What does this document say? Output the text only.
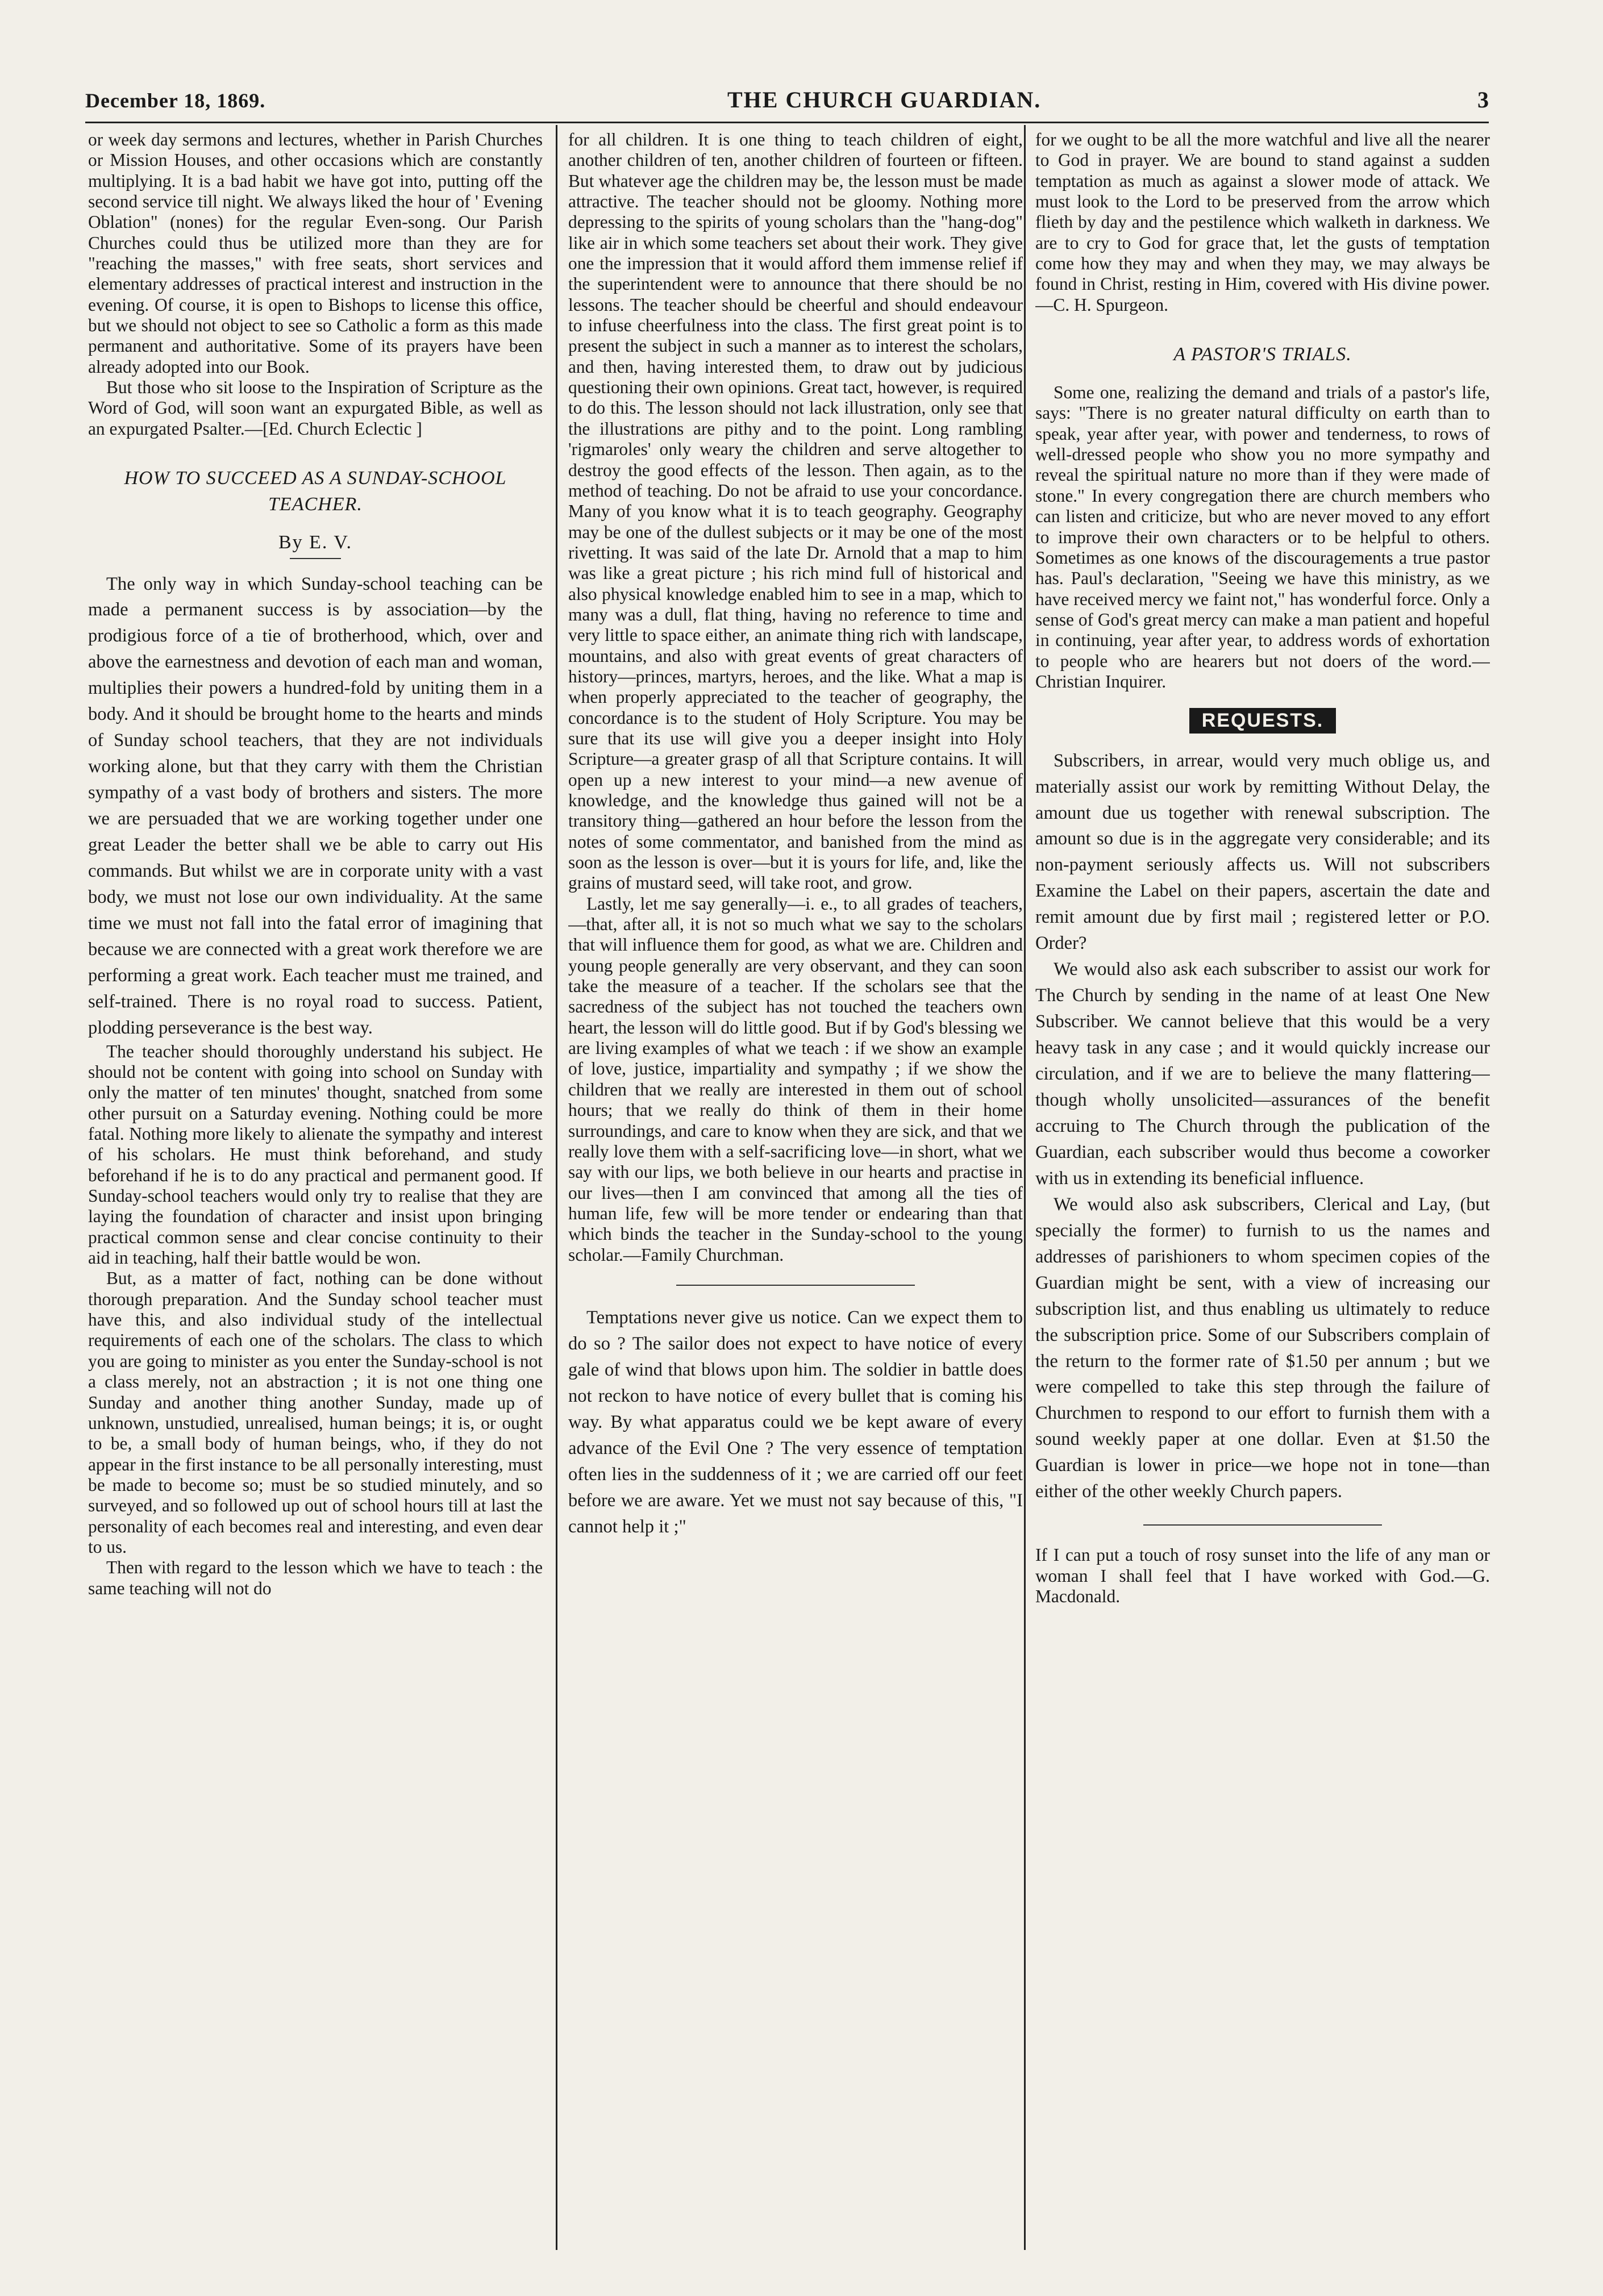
December 18, 1869.	THE CHURCH GUARDIAN.	3

or week day sermons and lectures, whether in Parish Churches or Mission Houses, and other occasions which are constantly multiplying. It is a bad habit we have got into, putting off the second service till night. We always liked the hour of ' Evening Oblation" (nones) for the regular Even-song. Our Parish Churches could thus be utilized more than they are for "reaching the masses," with free seats, short services and elementary addresses of practical interest and instruction in the evening. Of course, it is open to Bishops to license this office, but we should not object to see so Catholic a form as this made permanent and authoritative. Some of its prayers have been already adopted into our Book.

But those who sit loose to the Inspiration of Scripture as the Word of God, will soon want an expurgated Bible, as well as an expurgated Psalter.—[Ed. Church Eclectic ]

HOW TO SUCCEED AS A SUNDAY-SCHOOL TEACHER.
By E. V.

The only way in which Sunday-school teaching can be made a permanent success is by association—by the prodigious force of a tie of brotherhood, which, over and above the earnestness and devotion of each man and woman, multiplies their powers a hundred-fold by uniting them in a body. And it should be brought home to the hearts and minds of Sunday school teachers, that they are not individuals working alone, but that they carry with them the Christian sympathy of a vast body of brothers and sisters. The more we are persuaded that we are working together under one great Leader the better shall we be able to carry out His commands. But whilst we are in corporate unity with a vast body, we must not lose our own individuality. At the same time we must not fall into the fatal error of imagining that because we are connected with a great work therefore we are performing a great work. Each teacher must me trained, and self-trained. There is no royal road to success. Patient, plodding perseverance is the best way.

The teacher should thoroughly understand his subject. He should not be content with going into school on Sunday with only the matter of ten minutes' thought, snatched from some other pursuit on a Saturday evening. Nothing could be more fatal. Nothing more likely to alienate the sympathy and interest of his scholars. He must think beforehand, and study beforehand if he is to do any practical and permanent good. If Sunday-school teachers would only try to realise that they are laying the foundation of character and insist upon bringing practical common sense and clear concise continuity to their aid in teaching, half their battle would be won.

But, as a matter of fact, nothing can be done without thorough preparation. And the Sunday school teacher must have this, and also individual study of the intellectual requirements of each one of the scholars. The class to which you are going to minister as you enter the Sunday-school is not a class merely, not an abstraction ; it is not one thing one Sunday and another thing another Sunday, made up of unknown, unstudied, unrealised, human beings; it is, or ought to be, a small body of human beings, who, if they do not appear in the first instance to be all personally interesting, must be made to become so; must be so studied minutely, and so surveyed, and so followed up out of school hours till at last the personality of each becomes real and interesting, and even dear to us.

Then with regard to the lesson which we have to teach : the same teaching will not do

for all children. It is one thing to teach children of eight, another children of ten, another children of fourteen or fifteen. But whatever age the children may be, the lesson must be made attractive. The teacher should not be gloomy. Nothing more depressing to the spirits of young scholars than the "hang-dog" like air in which some teachers set about their work. They give one the impression that it would afford them immense relief if the superintendent were to announce that there should be no lessons. The teacher should be cheerful and should endeavour to infuse cheerfulness into the class. The first great point is to present the subject in such a manner as to interest the scholars, and then, having interested them, to draw out by judicious questioning their own opinions. Great tact, however, is required to do this. The lesson should not lack illustration, only see that the illustrations are pithy and to the point. Long rambling 'rigmaroles' only weary the children and serve altogether to destroy the good effects of the lesson. Then again, as to the method of teaching. Do not be afraid to use your concordance. Many of you know what it is to teach geography. Geography may be one of the dullest subjects or it may be one of the most rivetting. It was said of the late Dr. Arnold that a map to him was like a great picture ; his rich mind full of historical and also physical knowledge enabled him to see in a map, which to many was a dull, flat thing, having no reference to time and very little to space either, an animate thing rich with landscape, mountains, and also with great events of great characters of history—princes, martyrs, heroes, and the like. What a map is when properly appreciated to the teacher of geography, the concordance is to the student of Holy Scripture. You may be sure that its use will give you a deeper insight into Holy Scripture—a greater grasp of all that Scripture contains. It will open up a new interest to your mind—a new avenue of knowledge, and the knowledge thus gained will not be a transitory thing—gathered an hour before the lesson from the notes of some commentator, and banished from the mind as soon as the lesson is over—but it is yours for life, and, like the grains of mustard seed, will take root, and grow.

Lastly, let me say generally—i. e., to all grades of teachers,—that, after all, it is not so much what we say to the scholars that will influence them for good, as what we are. Children and young people generally are very observant, and they can soon take the measure of a teacher. If the scholars see that the sacredness of the subject has not touched the teachers own heart, the lesson will do little good. But if by God's blessing we are living examples of what we teach : if we show an example of love, justice, impartiality and sympathy ; if we show the children that we really are interested in them out of school hours; that we really do think of them in their home surroundings, and care to know when they are sick, and that we really love them with a self-sacrificing love—in short, what we say with our lips, we both believe in our hearts and practise in our lives—then I am convinced that among all the ties of human life, few will be more tender or endearing than that which binds the teacher in the Sunday-school to the young scholar.—Family Churchman.

Temptations never give us notice. Can we expect them to do so ? The sailor does not expect to have notice of every gale of wind that blows upon him. The soldier in battle does not reckon to have notice of every bullet that is coming his way. By what apparatus could we be kept aware of every advance of the Evil One ? The very essence of temptation often lies in the suddenness of it ; we are carried off our feet before we are aware. Yet we must not say because of this, "I cannot help it ;"

for we ought to be all the more watchful and live all the nearer to God in prayer. We are bound to stand against a sudden temptation as much as against a slower mode of attack. We must look to the Lord to be preserved from the arrow which flieth by day and the pestilence which walketh in darkness. We are to cry to God for grace that, let the gusts of temptation come how they may and when they may, we may always be found in Christ, resting in Him, covered with His divine power.—C. H. Spurgeon.

A PASTOR'S TRIALS.

Some one, realizing the demand and trials of a pastor's life, says: "There is no greater natural difficulty on earth than to speak, year after year, with power and tenderness, to rows of well-dressed people who show you no more sympathy and reveal the spiritual nature no more than if they were made of stone." In every congregation there are church members who can listen and criticize, but who are never moved to any effort to improve their own characters or to be helpful to others. Sometimes as one knows of the discouragements a true pastor has. Paul's declaration, "Seeing we have this ministry, as we have received mercy we faint not," has wonderful force. Only a sense of God's great mercy can make a man patient and hopeful in continuing, year after year, to address words of exhortation to people who are hearers but not doers of the word.—Christian Inquirer.

REQUESTS.

Subscribers, in arrear, would very much oblige us, and materially assist our work by remitting Without Delay, the amount due us together with renewal subscription. The amount so due is in the aggregate very considerable; and its non-payment seriously affects us. Will not subscribers Examine the Label on their papers, ascertain the date and remit amount due by first mail ; registered letter or P.O. Order?

We would also ask each subscriber to assist our work for The Church by sending in the name of at least One New Subscriber. We cannot believe that this would be a very heavy task in any case ; and it would quickly increase our circulation, and if we are to believe the many flattering—though wholly unsolicited—assurances of the benefit accruing to The Church through the publication of the Guardian, each subscriber would thus become a coworker with us in extending its beneficial influence.

We would also ask subscribers, Clerical and Lay, (but specially the former) to furnish to us the names and addresses of parishioners to whom specimen copies of the Guardian might be sent, with a view of increasing our subscription list, and thus enabling us ultimately to reduce the subscription price. Some of our Subscribers complain of the return to the former rate of $1.50 per annum ; but we were compelled to take this step through the failure of Churchmen to respond to our effort to furnish them with a sound weekly paper at one dollar. Even at $1.50 the Guardian is lower in price—we hope not in tone—than either of the other weekly Church papers.

If I can put a touch of rosy sunset into the life of any man or woman I shall feel that I have worked with God.—G. Macdonald.
